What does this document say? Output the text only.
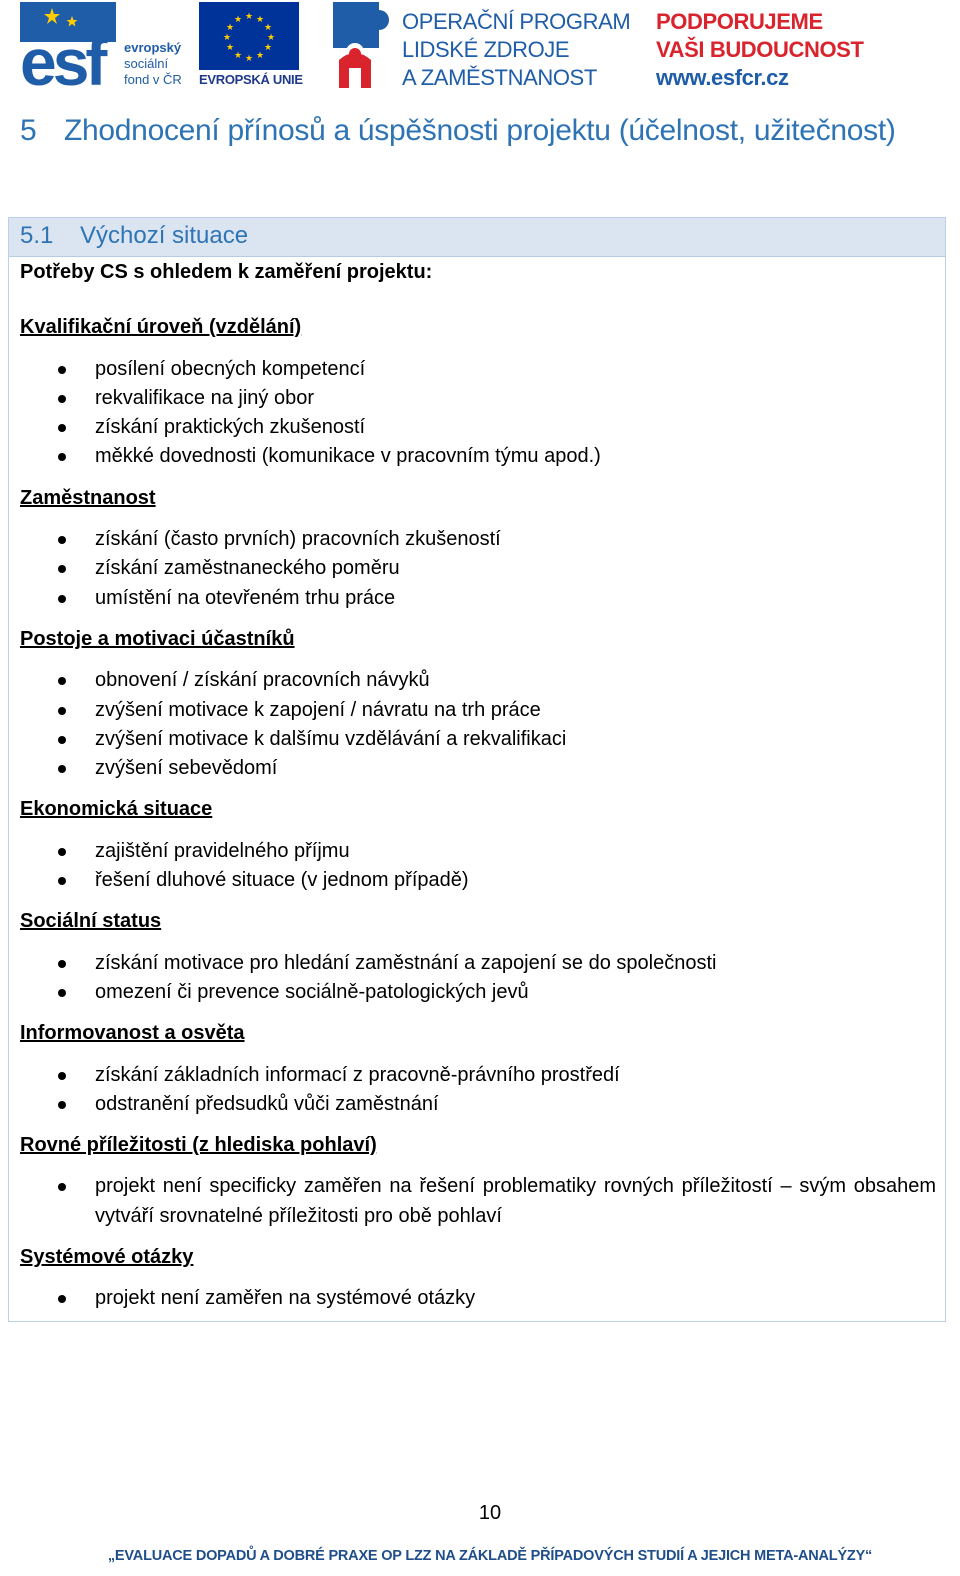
esf	evropský
sociální
fond v ČR
★ ★
★
★
★
★
★
★
★
★
★
★
EVROPSKÁ UNIE
OPERAČNÍ PROGRAM
LIDSKÉ ZDROJE
A ZAMĚSTNANOST
PODPORUJEME
VAŠI BUDOUCNOST
www.esfcr.cz
5 Zhodnocení přínosů a úspěšnosti projektu (účelnost, užitečnost)
5.1 Výchozí situace

Potřeby CS s ohledem k zaměření projektu:

Kvalifikační úroveň (vzdělání)

posílení obecných kompetencí
rekvalifikace na jiný obor
získání praktických zkušeností
měkké dovednosti (komunikace v pracovním týmu apod.)

Zaměstnanost

získání (často prvních) pracovních zkušeností
získání zaměstnaneckého poměru
umístění na otevřeném trhu práce

Postoje a motivaci účastníků

obnovení / získání pracovních návyků
zvýšení motivace k zapojení / návratu na trh práce
zvýšení motivace k dalšímu vzdělávání a rekvalifikaci
zvýšení sebevědomí

Ekonomická situace

zajištění pravidelného příjmu
řešení dluhové situace (v jednom případě)

Sociální status

získání motivace pro hledání zaměstnání a zapojení se do společnosti
omezení či prevence sociálně-patologických jevů

Informovanost a osvěta

získání základních informací z pracovně-právního prostředí
odstranění předsudků vůči zaměstnání

Rovné příležitosti (z hlediska pohlaví)

projekt není specificky zaměřen na řešení problematiky rovných příležitostí – svým obsahem vytváří srovnatelné příležitosti pro obě pohlaví

Systémové otázky

projekt není zaměřen na systémové otázky
10
„EVALUACE DOPADŮ A DOBRÉ PRAXE OP LZZ NA ZÁKLADĚ PŘÍPADOVÝCH STUDIÍ A JEJICH META-ANALÝZY“
